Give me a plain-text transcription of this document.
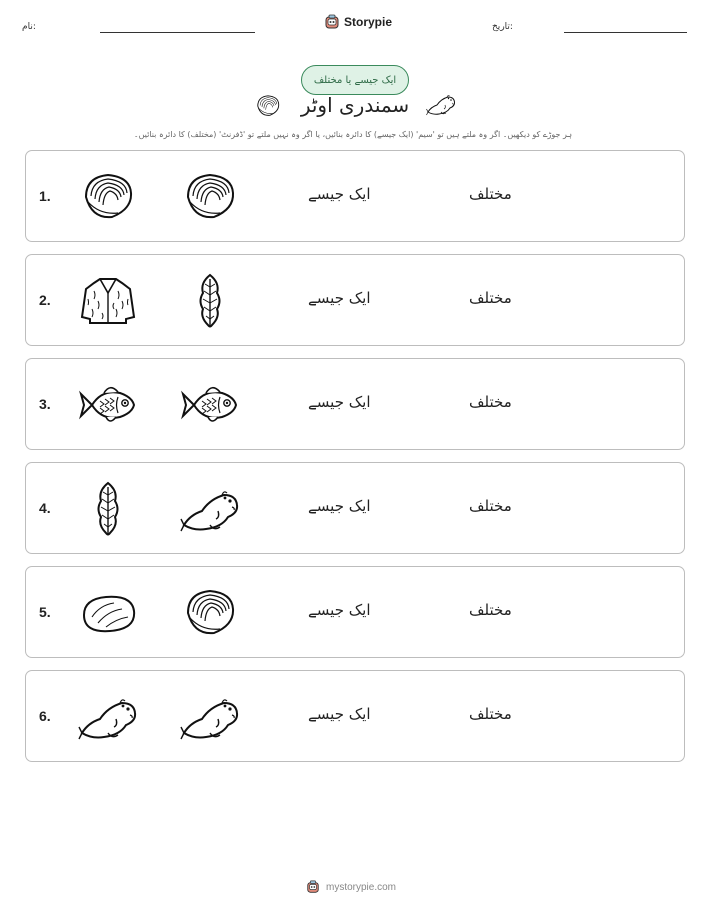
نام:	Storypie	تاریخ:
ایک جیسے یا مختلف
سمندری اوٹر
ہر جوڑے کو دیکھیں۔ اگر وہ ملتے ہیں تو 'سیم' (ایک جیسے) کا دائرہ بنائیں، یا اگر وہ نہیں ملتے تو 'ڈفرنٹ' (مختلف) کا دائرہ بنائیں۔
1.	ایک جیسے	مختلف
2.	ایک جیسے	مختلف
3.	ایک جیسے	مختلف
4.	ایک جیسے	مختلف
5.	ایک جیسے	مختلف
6.	ایک جیسے	مختلف
mystorypie.com
